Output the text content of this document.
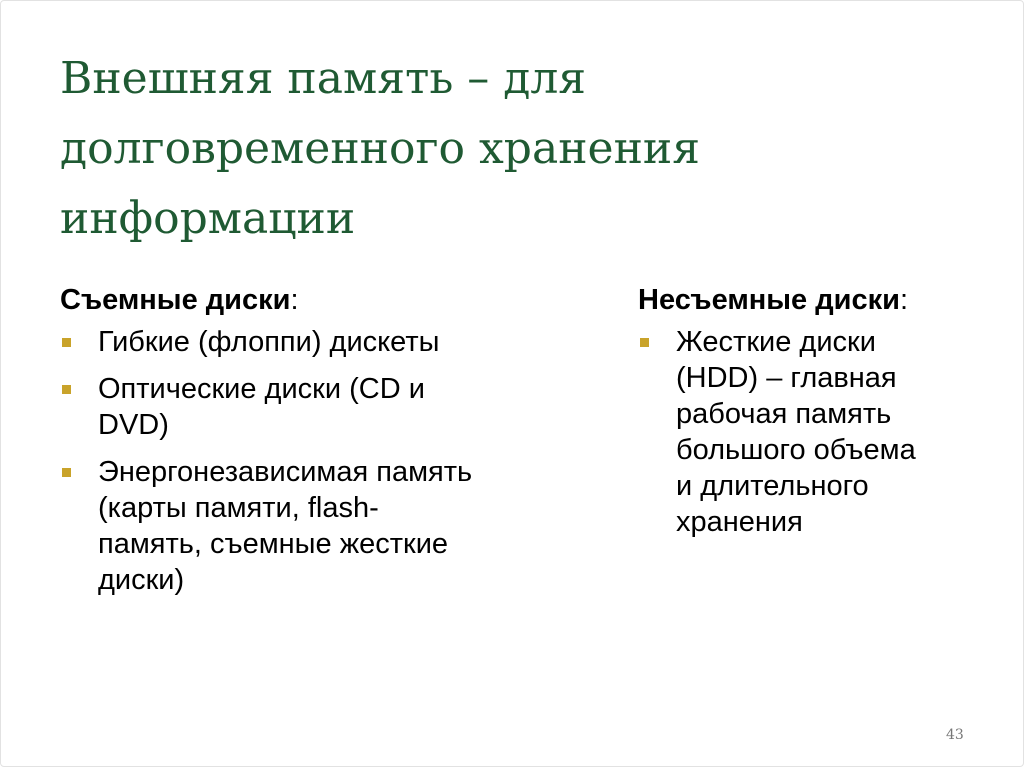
Внешняя память – для
долговременного хранения
информации
Съемные диски:
Гибкие (флоппи) дискеты
Оптические диски (CD и
DVD)
Энергонезависимая память
(карты памяти, flash-
память, съемные жесткие
диски)
Несъемные диски:
Жесткие диски
(HDD) – главная
рабочая память
большого объема
и длительного
хранения
43
